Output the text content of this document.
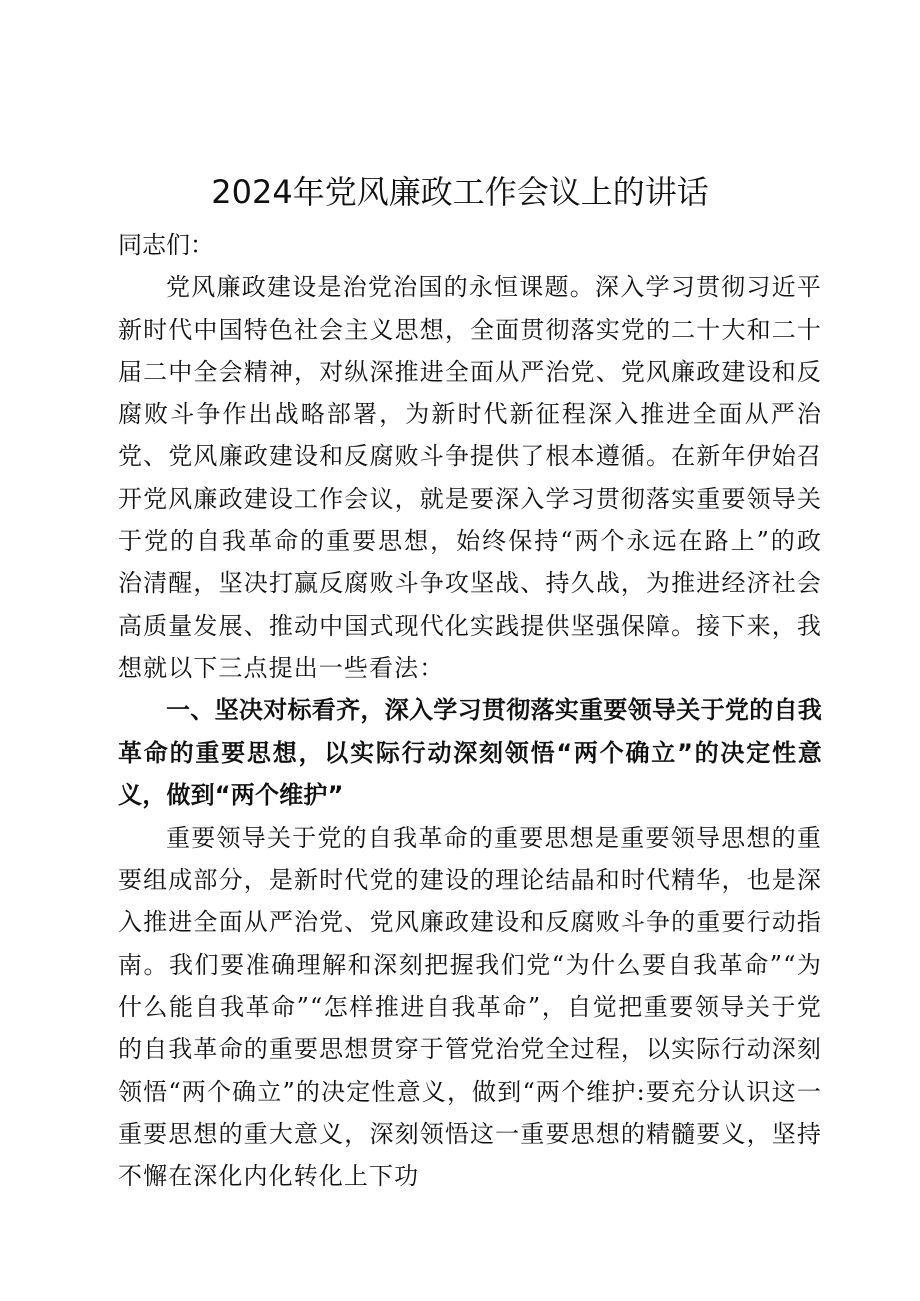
2024年党风廉政工作会议上的讲话

同志们：

党风廉政建设是治党治国的永恒课题。深入学习贯彻习近平新时代中国特色社会主义思想，全面贯彻落实党的二十大和二十届二中全会精神，对纵深推进全面从严治党、党风廉政建设和反腐败斗争作出战略部署，为新时代新征程深入推进全面从严治党、党风廉政建设和反腐败斗争提供了根本遵循。在新年伊始召开党风廉政建设工作会议，就是要深入学习贯彻落实重要领导关于党的自我革命的重要思想，始终保持“两个永远在路上”的政治清醒，坚决打赢反腐败斗争攻坚战、持久战，为推进经济社会高质量发展、推动中国式现代化实践提供坚强保障。接下来，我想就以下三点提出一些看法：

一、坚决对标看齐，深入学习贯彻落实重要领导关于党的自我革命的重要思想，以实际行动深刻领悟“两个确立”的决定性意义，做到“两个维护”

重要领导关于党的自我革命的重要思想是重要领导思想的重要组成部分，是新时代党的建设的理论结晶和时代精华，也是深入推进全面从严治党、党风廉政建设和反腐败斗争的重要行动指南。我们要准确理解和深刻把握我们党“为什么要自我革命”“为什么能自我革命”“怎样推进自我革命”，自觉把重要领导关于党的自我革命的重要思想贯穿于管党治党全过程，以实际行动深刻领悟“两个确立”的决定性意义，做到“两个维护:要充分认识这一重要思想的重大意义，深刻领悟这一重要思想的精髓要义，坚持不懈在深化内化转化上下功
